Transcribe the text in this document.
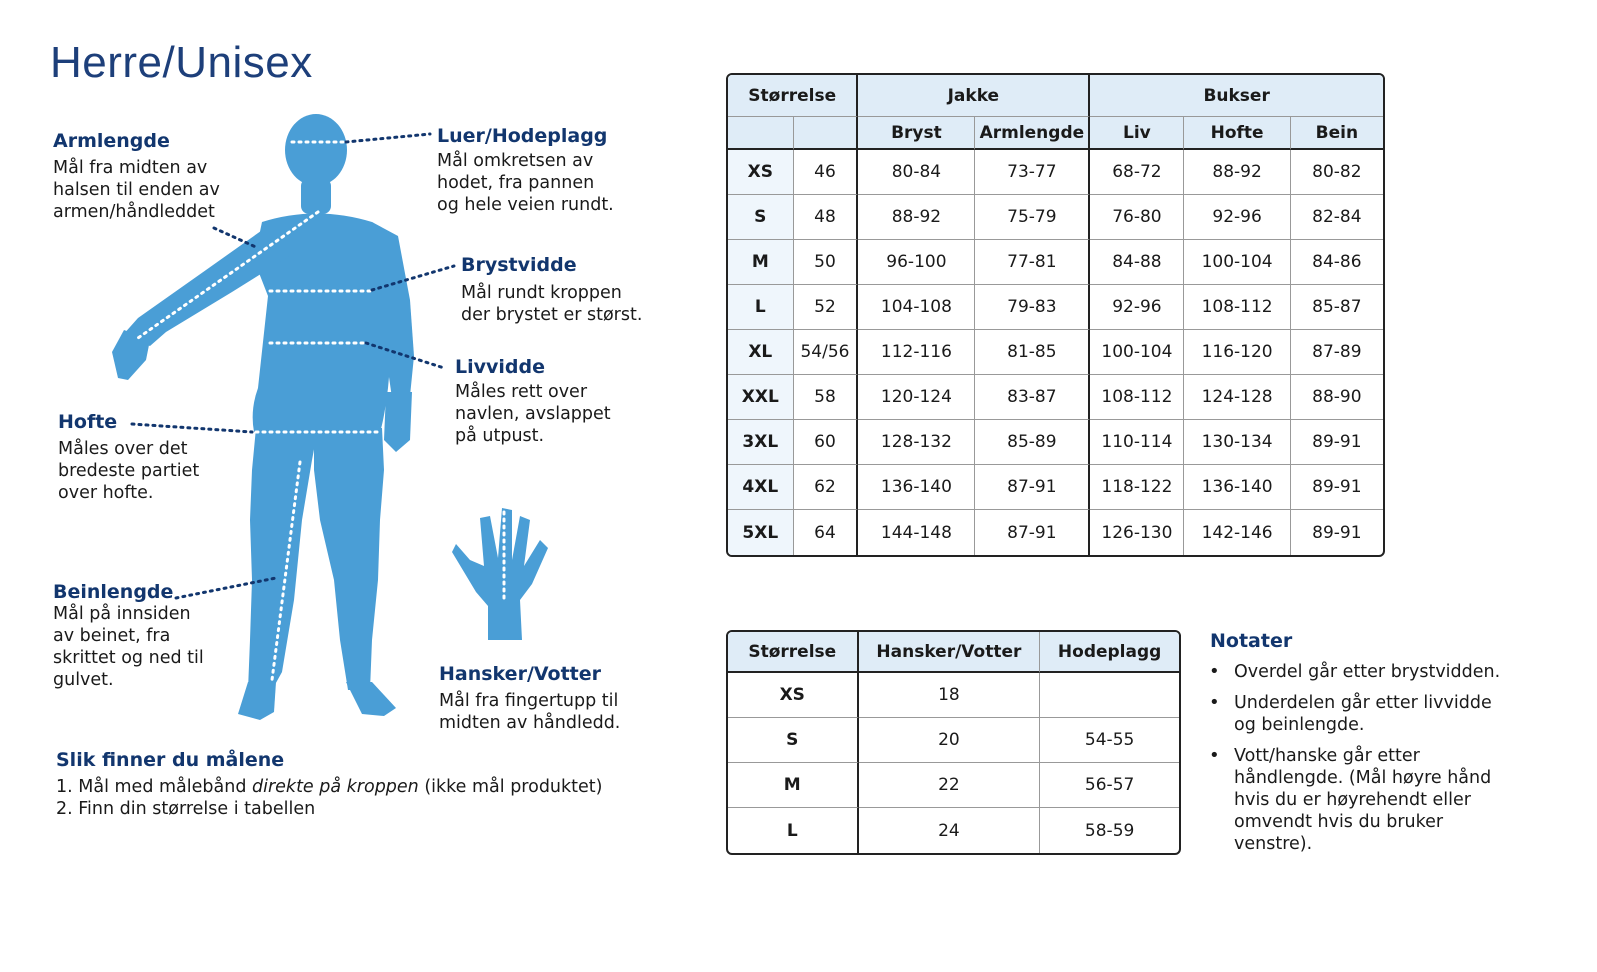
Herre/Unisex
Armlengde
Mål fra midten av
halsen til enden av
armen/håndleddet
Luer/Hodeplagg
Mål omkretsen av
hodet, fra pannen
og hele veien rundt.
Brystvidde
Mål rundt kroppen
der brystet er størst.
Livvidde
Måles rett over
navlen, avslappet
på utpust.
Hofte
Måles over det
bredeste partiet
over hofte.
Beinlengde
Mål på innsiden
av beinet, fra
skrittet og ned til
gulvet.	Hansker/Votter
Mål fra fingertupp til
midten av håndledd.
Slik finner du målene
1. Mål med målebånd direkte på kroppen (ikke mål produktet)
2. Finn din størrelse i tabellen
Størrelse		Jakke		Bukser		
		Bryst	Armlengde	Liv	Hofte	Bein
XS	46	80-84	73-77	68-72	88-92	80-82
S	48	88-92	75-79	76-80	92-96	82-84
M	50	96-100	77-81	84-88	100-104	84-86
L	52	104-108	79-83	92-96	108-112	85-87
XL	54/56	112-116	81-85	100-104	116-120	87-89
XXL	58	120-124	83-87	108-112	124-128	88-90
3XL	60	128-132	85-89	110-114	130-134	89-91
4XL	62	136-140	87-91	118-122	136-140	89-91
5XL	64	144-148	87-91	126-130	142-146	89-91
Størrelse	Hansker/Votter	Hodeplagg
XS	18	
S	20	54-55
M	22	56-57
L	24	58-59
Notater
• Overdel går etter brystvidden.
• Underdelen går etter livvidde og beinlengde.
• Vott/hanske går etter håndlengde. (Mål høyre hånd hvis du er høyrehendt eller omvendt hvis du bruker venstre).
